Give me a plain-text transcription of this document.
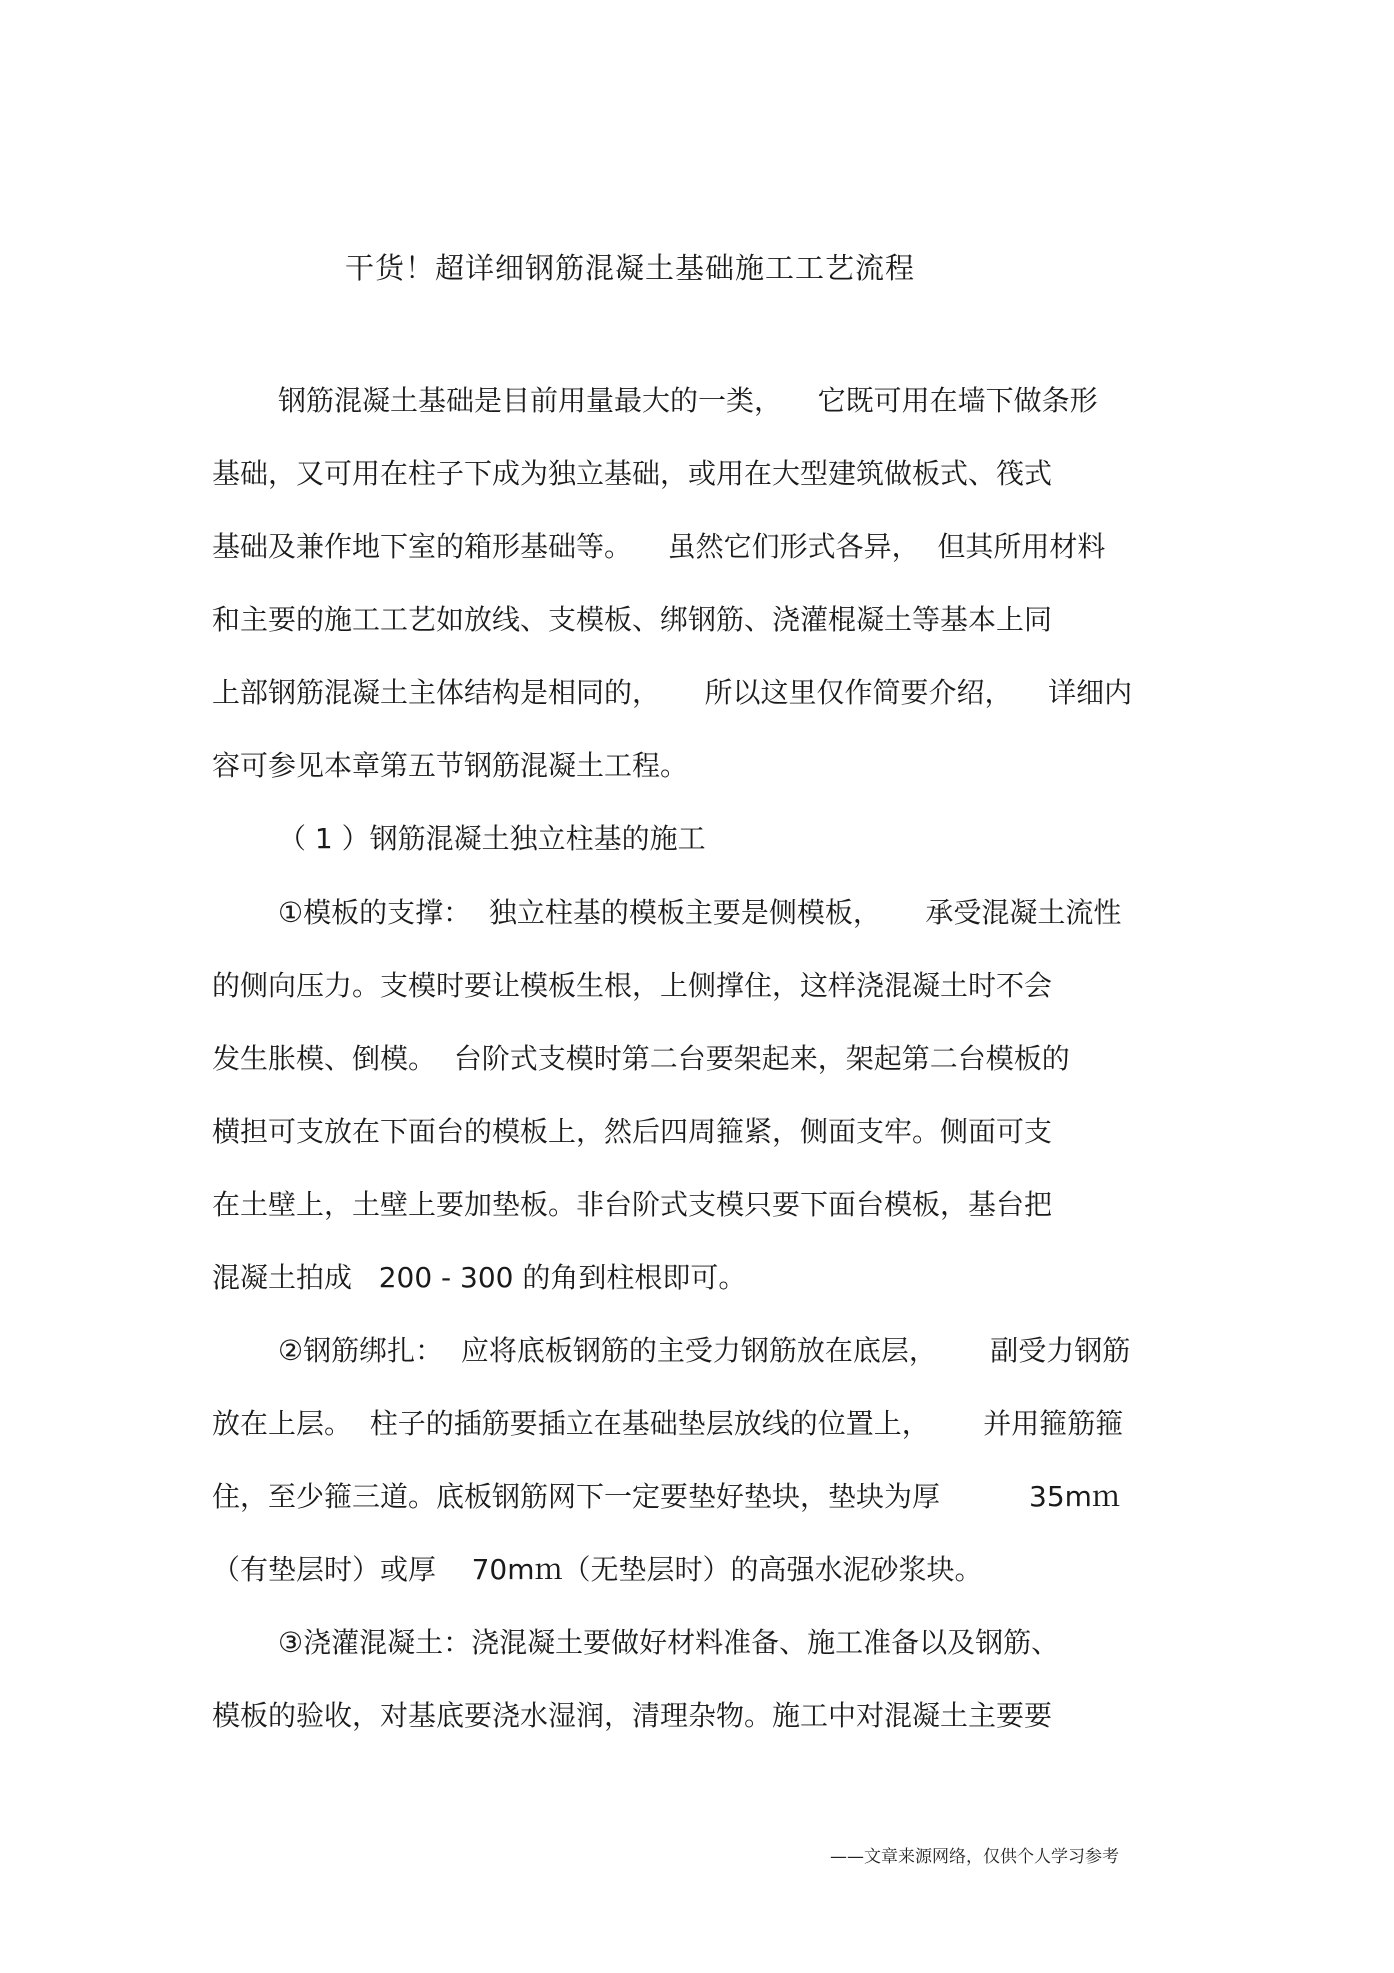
干货！超详细钢筋混凝土基础施工工艺流程
钢筋混凝土基础是目前用量最大的一类，    它既可用在墙下做条形
基础，又可用在柱子下成为独立基础，或用在大型建筑做板式、筏式
基础及兼作地下室的箱形基础等。    虽然它们形式各异，  但其所用材料
和主要的施工工艺如放线、支模板、绑钢筋、浇灌棍凝土等基本上同
上部钢筋混凝土主体结构是相同的，     所以这里仅作简要介绍，    详细内
容可参见本章第五节钢筋混凝土工程。
（ 1 ）钢筋混凝土独立柱基的施工
①模板的支撑：  独立柱基的模板主要是侧模板，     承受混凝土流性
的侧向压力。支模时要让模板生根，上侧撑住，这样浇混凝土时不会
发生胀模、倒模。  台阶式支模时第二台要架起来，架起第二台模板的
横担可支放在下面台的模板上，然后四周箍紧，侧面支牢。侧面可支
在土壁上，土壁上要加垫板。非台阶式支模只要下面台模板，基台把
混凝土拍成   200 - 300 的角到柱根即可。
②钢筋绑扎：  应将底板钢筋的主受力钢筋放在底层，      副受力钢筋
放在上层。  柱子的插筋要插立在基础垫层放线的位置上，      并用箍筋箍
住，至少箍三道。底板钢筋网下一定要垫好垫块，垫块为厚          35mｍ
（有垫层时）或厚    70mｍ（无垫层时）的高强水泥砂浆块。
③浇灌混凝土：浇混凝土要做好材料准备、施工准备以及钢筋、
模板的验收，对基底要浇水湿润，清理杂物。施工中对混凝土主要要
——文章来源网络，仅供个人学习参考
